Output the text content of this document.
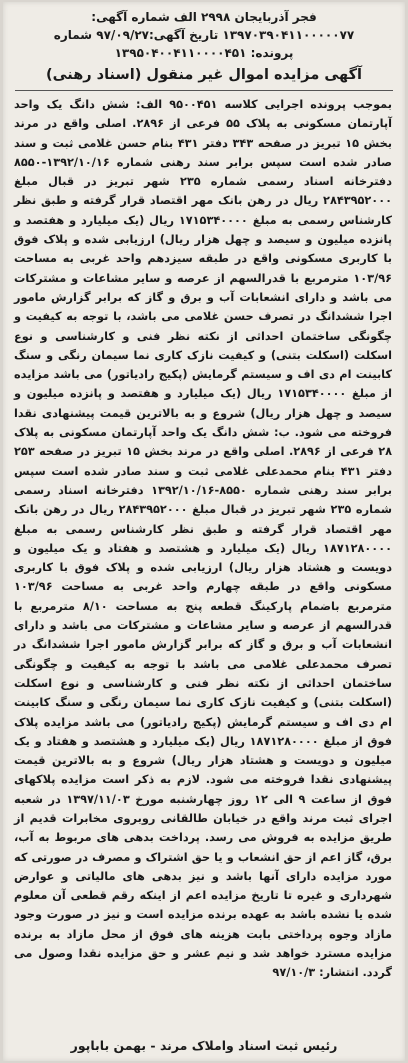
فجر آذربایجان ۲۹۹۸ الف شماره آگهی:
۱۳۹۷۰۳۹۰۴۱۱۰۰۰۰۰۷۷ تاریخ آگهی:۹۷/۰۹/۲۷ شماره
پرونده: ۱۳۹۵۰۴۰۰۴۱۱۰۰۰۰۴۵۱
آگهی مزایده اموال غیر منقول (اسناد رهنی)
بموجب پرونده اجرایی کلاسه ۹۵۰۰۴۵۱ الف: شش دانگ یک واحد آپارتمان مسکونی به پلاک ۵۵ فرعی از ۲۸۹۶. اصلی واقع در مرند بخش ۱۵ تبریز در صفحه ۳۴۳ دفتر ۴۳۱ بنام حسن غلامی ثبت و سند صادر شده است سپس برابر سند رهنی شماره ۱۳۹۲/۱۰/۱۶-۸۵۵۰ دفترخانه اسناد رسمی شماره ۲۳۵ شهر تبریز در قبال مبلغ ۲۸۴۳۹۵۲۰۰۰ ریال در رهن بانک مهر اقتصاد قرار گرفته و طبق نظر کارشناس رسمی به مبلغ ۱۷۱۵۳۴۰۰۰۰ ریال (یک میلیارد و هفتصد و پانزده میلیون و سیصد و چهل هزار ریال) ارزیابی شده و پلاک فوق با کاربری مسکونی واقع در طبقه سیزدهم واحد غربی به مساحت ۱۰۳/۹۶ مترمربع با قدرالسهم از عرصه و سایر مشاعات و مشترکات می باشد و دارای انشعابات آب و برق و گاز که برابر گزارش مامور اجرا ششدانگ در تصرف حسن غلامی می باشد، با توجه به کیفیت و چگونگی ساختمان احداثی از نکته نظر فنی و کارشناسی و نوع اسکلت (اسکلت بتنی) و کیفیت نازک کاری نما سیمان رنگی و سنگ کابینت ام دی اف و سیستم گرمایش (پکیج رادیاتور) می باشد مزایده از مبلغ ۱۷۱۵۳۴۰۰۰۰ ریال (یک میلیارد و هفتصد و پانزده میلیون و سیصد و چهل هزار ریال) شروع و به بالاترین قیمت پیشنهادی نقدا فروخته می شود. ب: شش دانگ یک واحد آپارتمان مسکونی به پلاک ۲۸ فرعی از ۲۸۹۶. اصلی واقع در مرند بخش ۱۵ تبریز در صفحه ۲۵۳ دفتر ۴۳۱ بنام محمدعلی غلامی ثبت و سند صادر شده است سپس برابر سند رهنی شماره ۸۵۵۰-۱۳۹۲/۱۰/۱۶ دفترخانه اسناد رسمی شماره ۲۳۵ شهر تبریز در قبال مبلغ ۲۸۴۳۹۵۲۰۰۰ ریال در رهن بانک مهر اقتصاد قرار گرفته و طبق نظر کارشناس رسمی به مبلغ ۱۸۷۱۲۸۰۰۰۰ ریال (یک میلیارد و هشتصد و هفتاد و یک میلیون و دویست و هشتاد هزار ریال) ارزیابی شده و پلاک فوق با کاربری مسکونی واقع در طبقه چهارم واحد غربی به مساحت ۱۰۳/۹۶ مترمربع باضمام پارکینگ قطعه پنج به مساحت ۸/۱۰ مترمربع با قدرالسهم از عرصه و سایر مشاعات و مشترکات می باشد و دارای انشعابات آب و برق و گاز که برابر گزارش مامور اجرا ششدانگ در تصرف محمدعلی غلامی می باشد با توجه به کیفیت و چگونگی ساختمان احداثی از نکته نظر فنی و کارشناسی و نوع اسکلت (اسکلت بتنی) و کیفیت نازک کاری نما سیمان رنگی و سنگ کابینت ام دی اف و سیستم گرمایش (پکیج رادیاتور) می باشد مزایده پلاک فوق از مبلغ ۱۸۷۱۲۸۰۰۰۰ ریال (یک میلیارد و هشتصد و هفتاد و یک میلیون و دویست و هشتاد هزار ریال) شروع و به بالاترین قیمت پیشنهادی نقدا فروخته می شود. لازم به ذکر است مزایده پلاکهای فوق از ساعت ۹ الی ۱۲ روز چهارشنبه مورخ ۱۳۹۷/۱۱/۰۳ در شعبه اجرای ثبت مرند واقع در خیابان طالقانی روبروی مخابرات قدیم از طریق مزایده به فروش می رسد. پرداخت بدهی های مربوط به آب، برق، گاز اعم از حق انشعاب و یا حق اشتراک و مصرف در صورتی که مورد مزایده دارای آنها باشد و نیز بدهی های مالیاتی و عوارض شهرداری و غیره تا تاریخ مزایده اعم از اینکه رقم قطعی آن معلوم شده یا نشده باشد به عهده برنده مزایده است و نیز در صورت وجود مازاد وجوه پرداختی بابت هزینه های فوق از محل مازاد به برنده مزایده مسترد خواهد شد و نیم عشر و حق مزایده نقدا وصول می گردد. انتشار: ۹۷/۱۰/۳
رئیس ثبت اسناد واملاک مرند - بهمن باباپور
